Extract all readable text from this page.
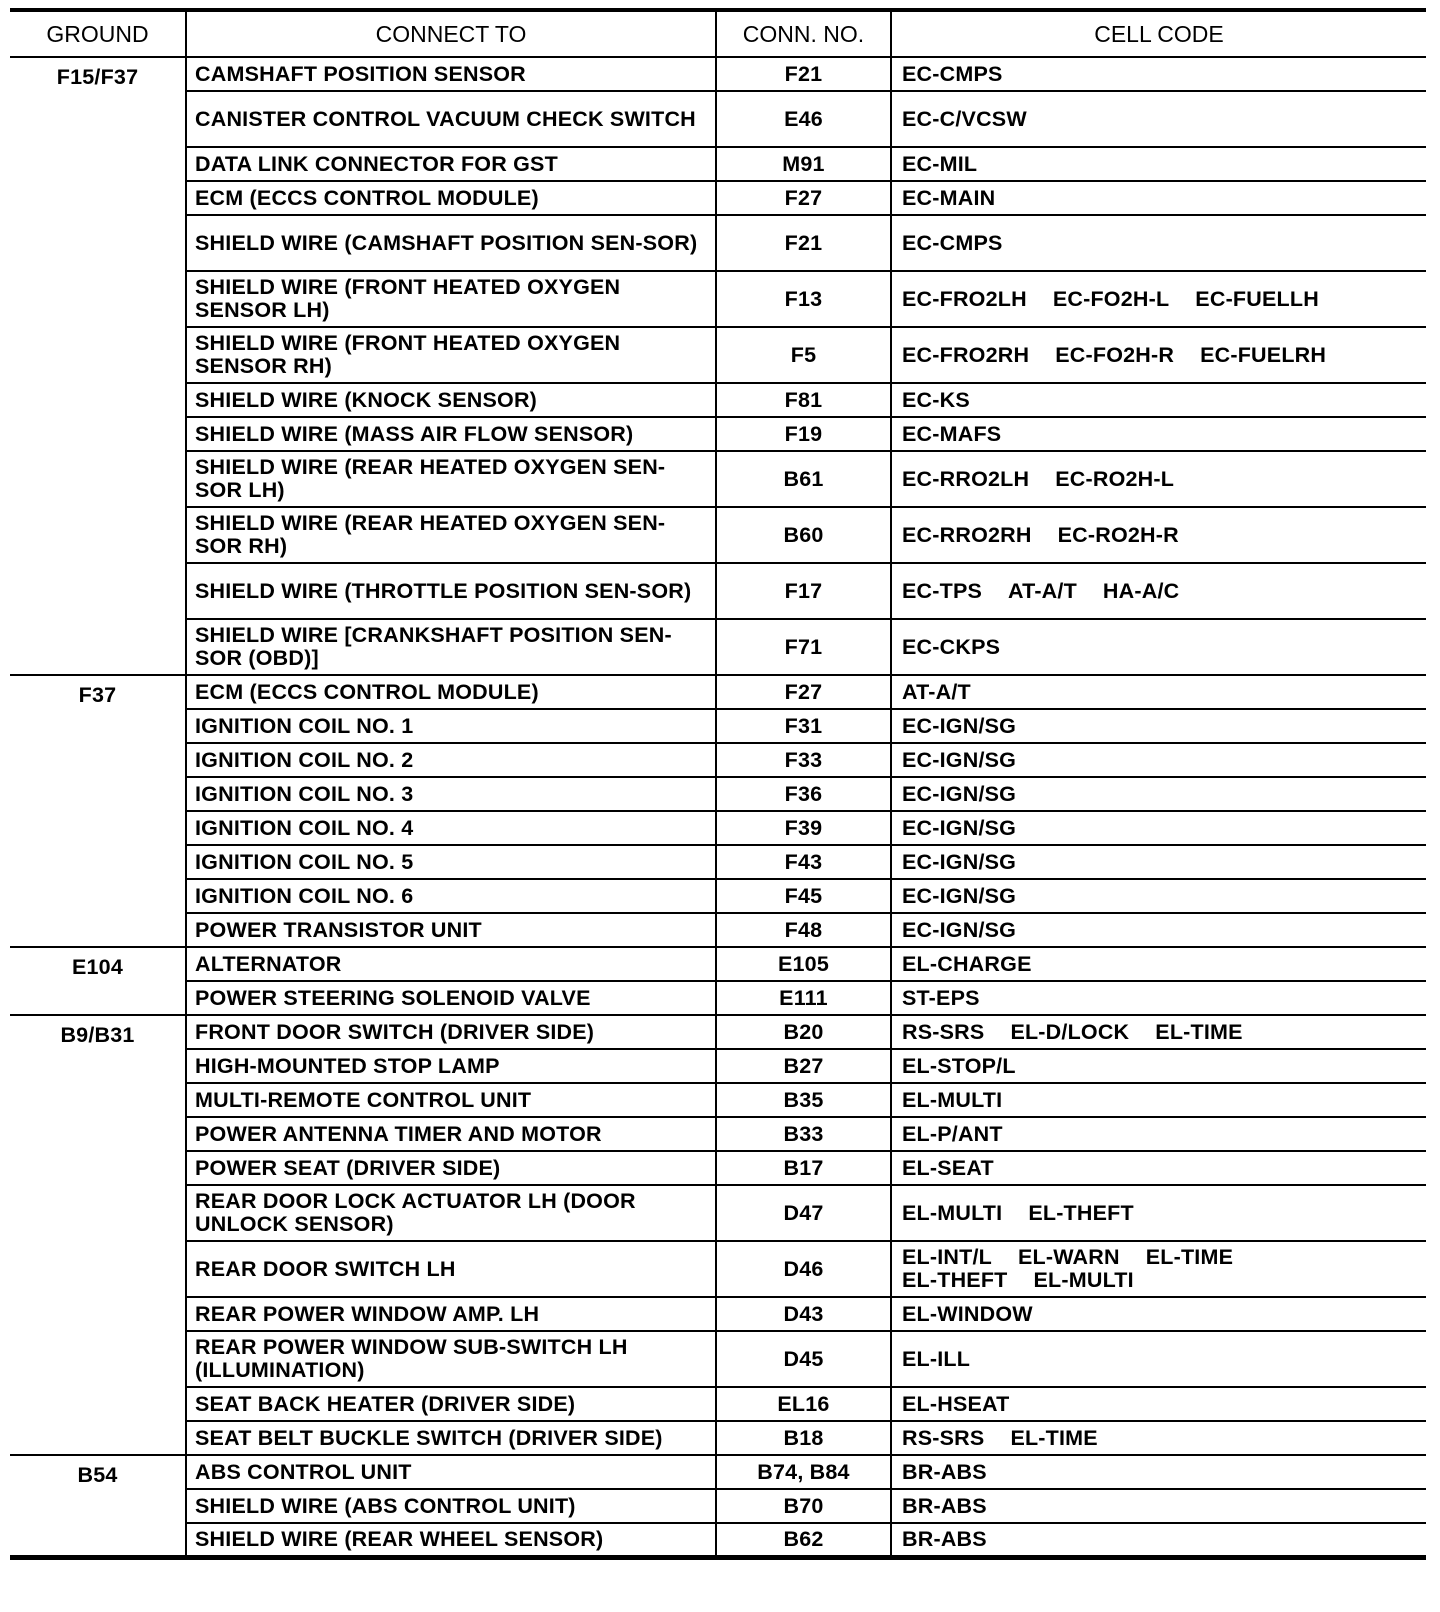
GROUND	CONNECT TO	CONN. NO.	CELL CODE
F15/F37	CAMSHAFT POSITION SENSOR	F21	EC-CMPS

	CANISTER CONTROL VACUUM CHECK SWITCH	E46	EC-C/VCSW

	DATA LINK CONNECTOR FOR GST	M91	EC-MIL

	ECM (ECCS CONTROL MODULE)	F27	EC-MAIN

	SHIELD WIRE (CAMSHAFT POSITION SEN-SOR)	F21	EC-CMPS

	SHIELD WIRE (FRONT HEATED OXYGEN SENSOR LH)	F13	EC-FRO2LH EC-FO2H-L EC-FUELLH

	SHIELD WIRE (FRONT HEATED OXYGEN SENSOR RH)	F5	EC-FRO2RH EC-FO2H-R EC-FUELRH

	SHIELD WIRE (KNOCK SENSOR)	F81	EC-KS

	SHIELD WIRE (MASS AIR FLOW SENSOR)	F19	EC-MAFS

	SHIELD WIRE (REAR HEATED OXYGEN SEN-SOR LH)	B61	EC-RRO2LH EC-RO2H-L

	SHIELD WIRE (REAR HEATED OXYGEN SEN-SOR RH)	B60	EC-RRO2RH EC-RO2H-R

	SHIELD WIRE (THROTTLE POSITION SEN-SOR)	F17	EC-TPS AT-A/T HA-A/C

	SHIELD WIRE [CRANKSHAFT POSITION SEN-SOR (OBD)]	F71	EC-CKPS

F37	ECM (ECCS CONTROL MODULE)	F27	AT-A/T

	IGNITION COIL NO. 1	F31	EC-IGN/SG

	IGNITION COIL NO. 2	F33	EC-IGN/SG

	IGNITION COIL NO. 3	F36	EC-IGN/SG

	IGNITION COIL NO. 4	F39	EC-IGN/SG

	IGNITION COIL NO. 5	F43	EC-IGN/SG

	IGNITION COIL NO. 6	F45	EC-IGN/SG

	POWER TRANSISTOR UNIT	F48	EC-IGN/SG

E104	ALTERNATOR	E105	EL-CHARGE

	POWER STEERING SOLENOID VALVE	E111	ST-EPS

B9/B31	FRONT DOOR SWITCH (DRIVER SIDE)	B20	RS-SRS EL-D/LOCK EL-TIME

	HIGH-MOUNTED STOP LAMP	B27	EL-STOP/L

	MULTI-REMOTE CONTROL UNIT	B35	EL-MULTI

	POWER ANTENNA TIMER AND MOTOR	B33	EL-P/ANT

	POWER SEAT (DRIVER SIDE)	B17	EL-SEAT

	REAR DOOR LOCK ACTUATOR LH (DOOR UNLOCK SENSOR)	D47	EL-MULTI EL-THEFT

	REAR DOOR SWITCH LH	D46	EL-INT/L EL-WARN EL-TIME
EL-THEFT EL-MULTI

	REAR POWER WINDOW AMP. LH	D43	EL-WINDOW

	REAR POWER WINDOW SUB-SWITCH LH (ILLUMINATION)	D45	EL-ILL

	SEAT BACK HEATER (DRIVER SIDE)	EL16	EL-HSEAT

	SEAT BELT BUCKLE SWITCH (DRIVER SIDE)	B18	RS-SRS EL-TIME

B54	ABS CONTROL UNIT	B74, B84	BR-ABS

	SHIELD WIRE (ABS CONTROL UNIT)	B70	BR-ABS

	SHIELD WIRE (REAR WHEEL SENSOR)	B62	BR-ABS
